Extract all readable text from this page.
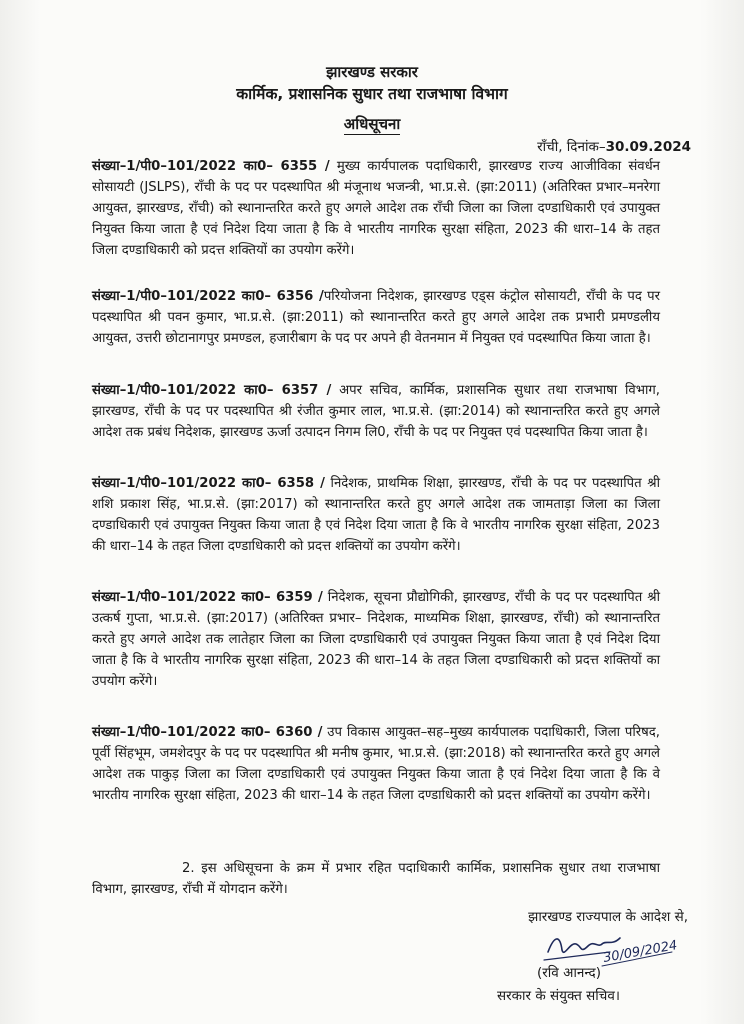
झारखण्ड सरकार
कार्मिक, प्रशासनिक सुधार तथा राजभाषा विभाग
अधिसूचना
राँची, दिनांक–30.09.2024
संख्या–1/पी0–101/2022 का0– 6355 / मुख्य कार्यपालक पदाधिकारी, झारखण्ड राज्य आजीविका संवर्धन सोसायटी (JSLPS), राँची के पद पर पदस्थापित श्री मंजूनाथ भजन्त्री, भा.प्र.से. (झा:2011) (अतिरिक्त प्रभार–मनरेगा आयुक्त, झारखण्ड, राँची) को स्थानान्तरित करते हुए अगले आदेश तक राँची जिला का जिला दण्डाधिकारी एवं उपायुक्त नियुक्त किया जाता है एवं निदेश दिया जाता है कि वे भारतीय नागरिक सुरक्षा संहिता, 2023 की धारा–14 के तहत जिला दण्डाधिकारी को प्रदत्त शक्तियों का उपयोग करेंगे।
संख्या–1/पी0–101/2022 का0– 6356 /परियोजना निदेशक, झारखण्ड एड्स कंट्रोल सोसायटी, राँची के पद पर पदस्थापित श्री पवन कुमार, भा.प्र.से. (झा:2011) को स्थानान्तरित करते हुए अगले आदेश तक प्रभारी प्रमण्डलीय आयुक्त, उत्तरी छोटानागपुर प्रमण्डल, हजारीबाग के पद पर अपने ही वेतनमान में नियुक्त एवं पदस्थापित किया जाता है।
संख्या–1/पी0–101/2022 का0– 6357 / अपर सचिव, कार्मिक, प्रशासनिक सुधार तथा राजभाषा विभाग, झारखण्ड, राँची के पद पर पदस्थापित श्री रंजीत कुमार लाल, भा.प्र.से. (झा:2014) को स्थानान्तरित करते हुए अगले आदेश तक प्रबंध निदेशक, झारखण्ड ऊर्जा उत्पादन निगम लि0, राँची के पद पर नियुक्त एवं पदस्थापित किया जाता है।
संख्या–1/पी0–101/2022 का0– 6358 / निदेशक, प्राथमिक शिक्षा, झारखण्ड, राँची के पद पर पदस्थापित श्री शशि प्रकाश सिंह, भा.प्र.से. (झा:2017) को स्थानान्तरित करते हुए अगले आदेश तक जामताड़ा जिला का जिला दण्डाधिकारी एवं उपायुक्त नियुक्त किया जाता है एवं निदेश दिया जाता है कि वे भारतीय नागरिक सुरक्षा संहिता, 2023 की धारा–14 के तहत जिला दण्डाधिकारी को प्रदत्त शक्तियों का उपयोग करेंगे।
संख्या–1/पी0–101/2022 का0– 6359 / निदेशक, सूचना प्रौद्योगिकी, झारखण्ड, राँची के पद पर पदस्थापित श्री उत्कर्ष गुप्ता, भा.प्र.से. (झा:2017) (अतिरिक्त प्रभार– निदेशक, माध्यमिक शिक्षा, झारखण्ड, राँची) को स्थानान्तरित करते हुए अगले आदेश तक लातेहार जिला का जिला दण्डाधिकारी एवं उपायुक्त नियुक्त किया जाता है एवं निदेश दिया जाता है कि वे भारतीय नागरिक सुरक्षा संहिता, 2023 की धारा–14 के तहत जिला दण्डाधिकारी को प्रदत्त शक्तियों का उपयोग करेंगे।
संख्या–1/पी0–101/2022 का0– 6360 / उप विकास आयुक्त–सह–मुख्य कार्यपालक पदाधिकारी, जिला परिषद, पूर्वी सिंहभूम, जमशेदपुर के पद पर पदस्थापित श्री मनीष कुमार, भा.प्र.से. (झा:2018) को स्थानान्तरित करते हुए अगले आदेश तक पाकुड़ जिला का जिला दण्डाधिकारी एवं उपायुक्त नियुक्त किया जाता है एवं निदेश दिया जाता है कि वे भारतीय नागरिक सुरक्षा संहिता, 2023 की धारा–14 के तहत जिला दण्डाधिकारी को प्रदत्त शक्तियों का उपयोग करेंगे।
2. इस अधिसूचना के क्रम में प्रभार रहित पदाधिकारी कार्मिक, प्रशासनिक सुधार तथा राजभाषा विभाग, झारखण्ड, राँची में योगदान करेंगे।
झारखण्ड राज्यपाल के आदेश से,
30/09/2024
(रवि आनन्द)
सरकार के संयुक्त सचिव।
